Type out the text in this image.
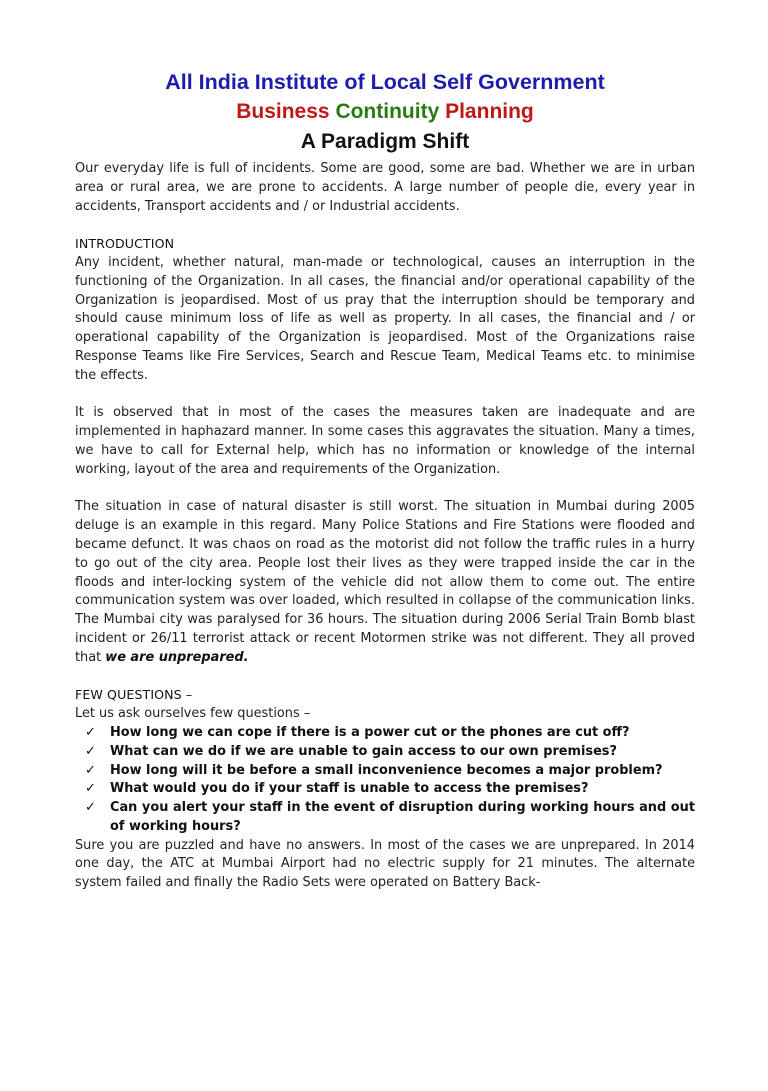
All India Institute of Local Self Government
Business Continuity Planning
A Paradigm Shift

Our everyday life is full of incidents. Some are good, some are bad. Whether we are in urban area or rural area, we are prone to accidents. A large number of people die, every year in accidents, Transport accidents and / or Industrial accidents.

INTRODUCTION

Any incident, whether natural, man-made or technological, causes an interruption in the functioning of the Organization. In all cases, the financial and/or operational capability of the Organization is jeopardised. Most of us pray that the interruption should be temporary and should cause minimum loss of life as well as property. In all cases, the financial and / or operational capability of the Organization is jeopardised. Most of the Organizations raise Response Teams like Fire Services, Search and Rescue Team, Medical Teams etc. to minimise the effects.

It is observed that in most of the cases the measures taken are inadequate and are implemented in haphazard manner. In some cases this aggravates the situation. Many a times, we have to call for External help, which has no information or knowledge of the internal working, layout of the area and requirements of the Organization.

The situation in case of natural disaster is still worst. The situation in Mumbai during 2005 deluge is an example in this regard. Many Police Stations and Fire Stations were flooded and became defunct. It was chaos on road as the motorist did not follow the traffic rules in a hurry to go out of the city area. People lost their lives as they were trapped inside the car in the floods and inter-locking system of the vehicle did not allow them to come out. The entire communication system was over loaded, which resulted in collapse of the communication links. The Mumbai city was paralysed for 36 hours. The situation during 2006 Serial Train Bomb blast incident or 26/11 terrorist attack or recent Motormen strike was not different. They all proved that we are unprepared.

FEW QUESTIONS –

Let us ask ourselves few questions –

✓ How long we can cope if there is a power cut or the phones are cut off?
✓ What can we do if we are unable to gain access to our own premises?
✓ How long will it be before a small inconvenience becomes a major problem?
✓ What would you do if your staff is unable to access the premises?
✓ Can you alert your staff in the event of disruption during working hours and out of working hours?

Sure you are puzzled and have no answers. In most of the cases we are unprepared. In 2014 one day, the ATC at Mumbai Airport had no electric supply for 21 minutes. The alternate system failed and finally the Radio Sets were operated on Battery Back-
